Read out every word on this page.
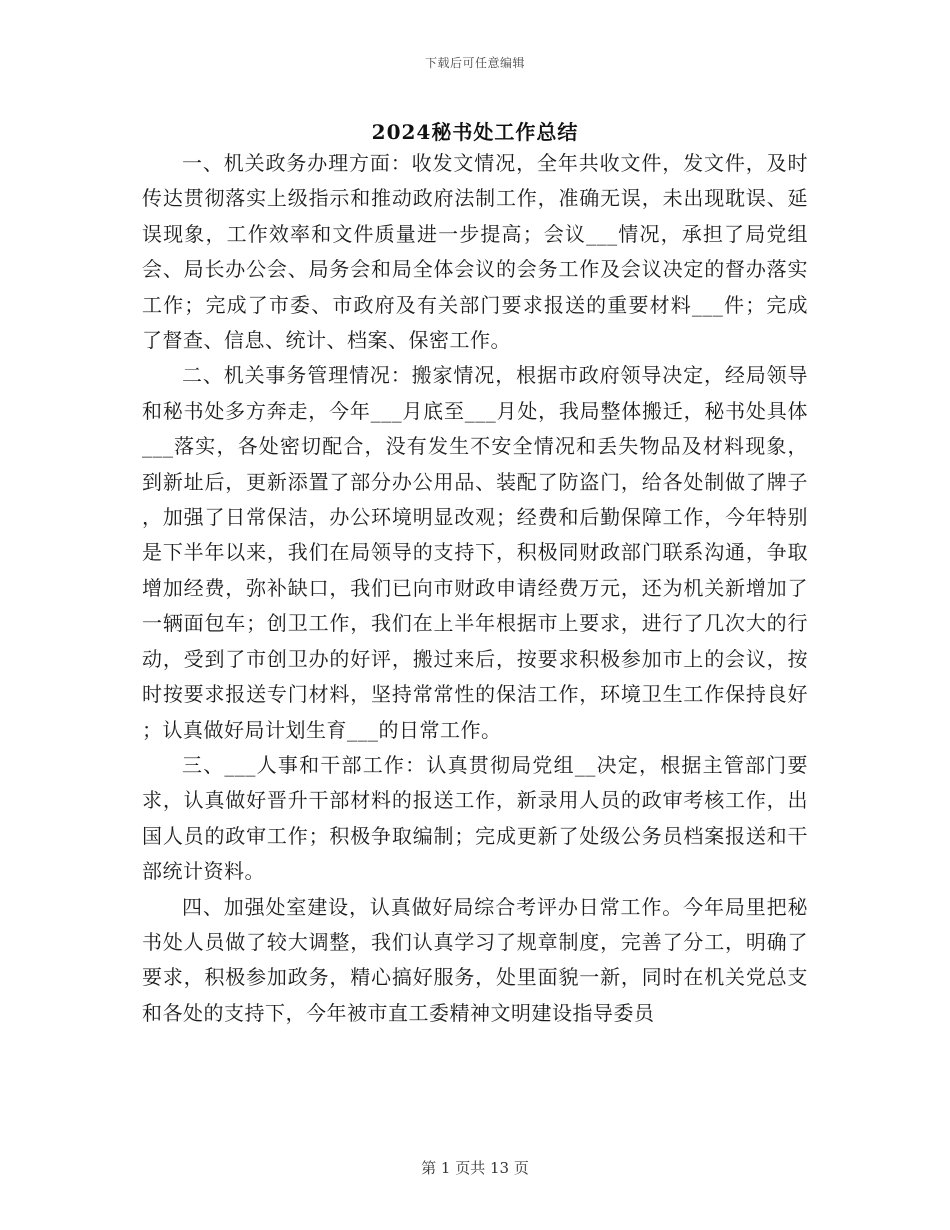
下载后可任意编辑
2024秘书处工作总结

一、机关政务办理方面：收发文情况，全年共收文件，发文件，及时传达贯彻落实上级指示和推动政府法制工作，准确无误，未出现耽误、延误现象，工作效率和文件质量进一步提高；会议___情况，承担了局党组会、局长办公会、局务会和局全体会议的会务工作及会议决定的督办落实工作；完成了市委、市政府及有关部门要求报送的重要材料___件；完成了督查、信息、统计、档案、保密工作。

二、机关事务管理情况：搬家情况，根据市政府领导决定，经局领导和秘书处多方奔走，今年___月底至___月处，我局整体搬迁，秘书处具体___落实，各处密切配合，没有发生不安全情况和丢失物品及材料现象，到新址后，更新添置了部分办公用品、装配了防盗门，给各处制做了牌子，加强了日常保洁，办公环境明显改观；经费和后勤保障工作，今年特别是下半年以来，我们在局领导的支持下，积极同财政部门联系沟通，争取增加经费，弥补缺口，我们已向市财政申请经费万元，还为机关新增加了一辆面包车；创卫工作，我们在上半年根据市上要求，进行了几次大的行动，受到了市创卫办的好评，搬过来后，按要求积极参加市上的会议，按时按要求报送专门材料，坚持常常性的保洁工作，环境卫生工作保持良好；认真做好局计划生育___的日常工作。

三、___人事和干部工作：认真贯彻局党组__决定，根据主管部门要求，认真做好晋升干部材料的报送工作，新录用人员的政审考核工作，出国人员的政审工作；积极争取编制；完成更新了处级公务员档案报送和干部统计资料。

四、加强处室建设，认真做好局综合考评办日常工作。今年局里把秘书处人员做了较大调整，我们认真学习了规章制度，完善了分工，明确了要求，积极参加政务，精心搞好服务，处里面貌一新，同时在机关党总支和各处的支持下，今年被市直工委精神文明建设指导委员

第 1 页共 13 页
